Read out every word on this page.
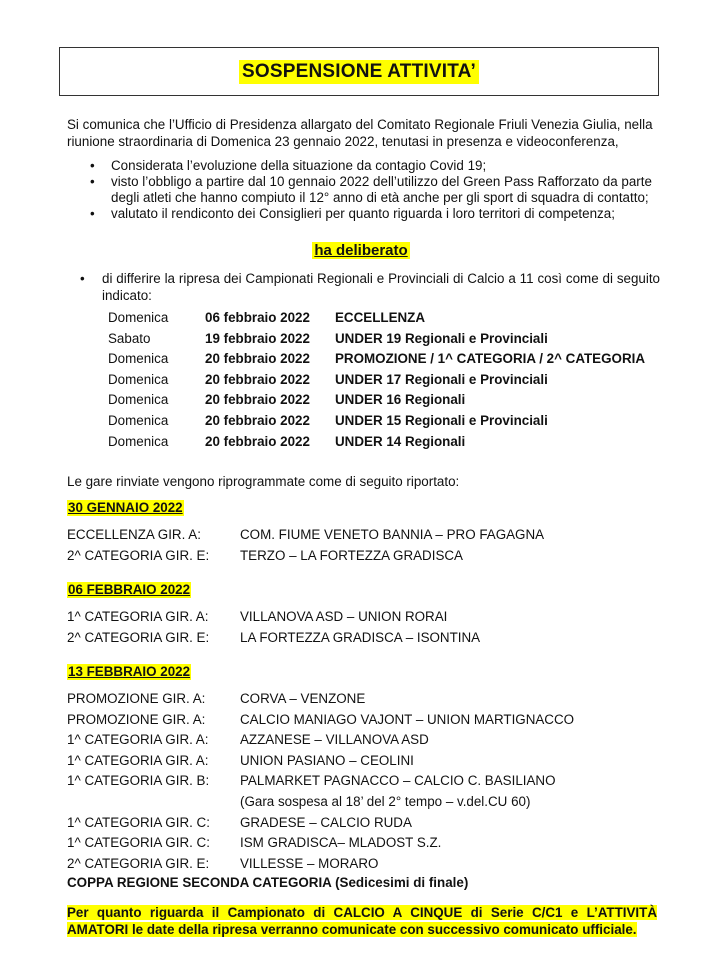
SOSPENSIONE ATTIVITA’
Si comunica che l’Ufficio di Presidenza allargato del Comitato Regionale Friuli Venezia Giulia, nella riunione straordinaria di Domenica 23 gennaio 2022, tenutasi in presenza e videoconferenza,
• Considerata l’evoluzione della situazione da contagio Covid 19;
• visto l’obbligo a partire dal 10 gennaio 2022 dell’utilizzo del Green Pass Rafforzato da parte degli atleti che hanno compiuto il 12° anno di età anche per gli sport di squadra di contatto;
• valutato il rendiconto dei Consiglieri per quanto riguarda i loro territori di competenza;
ha deliberato
• di differire la ripresa dei Campionati Regionali e Provinciali di Calcio a 11 così come di seguito indicato:
Domenica	06 febbraio 2022	ECCELLENZA
Sabato	19 febbraio 2022	UNDER 19 Regionali e Provinciali
Domenica	20 febbraio 2022	PROMOZIONE / 1^ CATEGORIA / 2^ CATEGORIA
Domenica	20 febbraio 2022	UNDER 17 Regionali e Provinciali
Domenica	20 febbraio 2022	UNDER 16 Regionali
Domenica	20 febbraio 2022	UNDER 15 Regionali e Provinciali
Domenica	20 febbraio 2022	UNDER 14 Regionali
Le gare rinviate vengono riprogrammate come di seguito riportato:
30 GENNAIO 2022
ECCELLENZA GIR. A:	COM. FIUME VENETO BANNIA – PRO FAGAGNA
2^ CATEGORIA GIR. E:	TERZO – LA FORTEZZA GRADISCA
06 FEBBRAIO 2022
1^ CATEGORIA GIR. A:	VILLANOVA ASD – UNION RORAI
2^ CATEGORIA GIR. E:	LA FORTEZZA GRADISCA – ISONTINA
13 FEBBRAIO 2022
PROMOZIONE GIR. A:	CORVA – VENZONE
PROMOZIONE GIR. A:	CALCIO MANIAGO VAJONT – UNION MARTIGNACCO
1^ CATEGORIA GIR. A:	AZZANESE – VILLANOVA ASD
1^ CATEGORIA GIR. A:	UNION PASIANO – CEOLINI
1^ CATEGORIA GIR. B:	PALMARKET PAGNACCO – CALCIO C. BASILIANO
	(Gara sospesa al 18’ del 2° tempo – v.del.CU 60)
1^ CATEGORIA GIR. C:	GRADESE – CALCIO RUDA
1^ CATEGORIA GIR. C:	ISM GRADISCA– MLADOST S.Z.
2^ CATEGORIA GIR. E:	VILLESSE – MORARO
COPPA REGIONE SECONDA CATEGORIA (Sedicesimi di finale)

Per quanto riguarda il Campionato di CALCIO A CINQUE di Serie C/C1 e L’ATTIVITÀ

AMATORI le date della ripresa verranno comunicate con successivo comunicato ufficiale.
